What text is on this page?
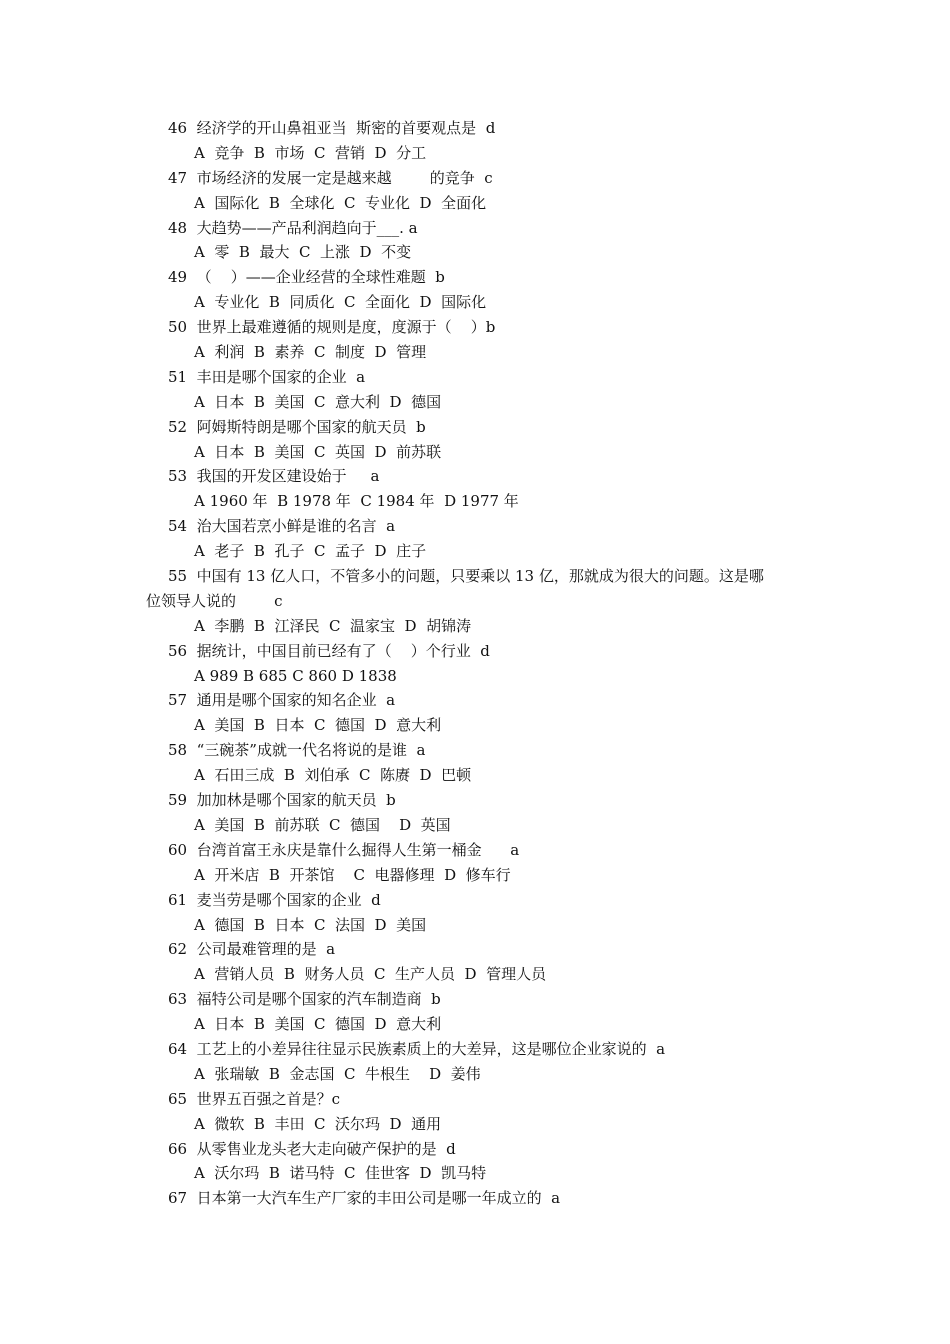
46  经济学的开山鼻祖亚当  斯密的首要观点是  d
A  竞争  B  市场  C  营销  D  分工
47  市场经济的发展一定是越来越        的竞争  c
A  国际化  B  全球化  C  专业化  D  全面化
48  大趋势——产品利润趋向于___. a
A  零  B  最大  C  上涨  D  不变
49  （    ）——企业经营的全球性难题  b
A  专业化  B  同质化  C  全面化  D  国际化
50  世界上最难遵循的规则是度，度源于（    ）b
A  利润  B  素养  C  制度  D  管理
51  丰田是哪个国家的企业  a
A  日本  B  美国  C  意大利  D  德国
52  阿姆斯特朗是哪个国家的航天员  b
A  日本  B  美国  C  英国  D  前苏联
53  我国的开发区建设始于     a
A 1960 年  B 1978 年  C 1984 年  D 1977 年
54  治大国若烹小鲜是谁的名言  a
A  老子  B  孔子  C  孟子  D  庄子
55  中国有 13 亿人口，不管多小的问题，只要乘以 13 亿，那就成为很大的问题。这是哪
位领导人说的        c
A  李鹏  B  江泽民  C  温家宝  D  胡锦涛
56  据统计，中国目前已经有了（    ）个行业  d
A 989 B 685 C 860 D 1838
57  通用是哪个国家的知名企业  a
A  美国  B  日本  C  德国  D  意大利
58  “三碗茶”成就一代名将说的是谁  a
A  石田三成  B  刘伯承  C  陈赓  D  巴顿
59  加加林是哪个国家的航天员  b
A  美国  B  前苏联  C  德国    D  英国
60  台湾首富王永庆是靠什么掘得人生第一桶金      a
A  开米店  B  开茶馆    C  电器修理  D  修车行
61  麦当劳是哪个国家的企业  d
A  德国  B  日本  C  法国  D  美国
62  公司最难管理的是  a
A  营销人员  B  财务人员  C  生产人员  D  管理人员
63  福特公司是哪个国家的汽车制造商  b
A  日本  B  美国  C  德国  D  意大利
64  工艺上的小差异往往显示民族素质上的大差异，这是哪位企业家说的  a
A  张瑞敏  B  金志国  C  牛根生    D  姜伟
65  世界五百强之首是？c
A  微软  B  丰田  C  沃尔玛  D  通用
66  从零售业龙头老大走向破产保护的是  d
A  沃尔玛  B  诺马特  C  佳世客  D  凯马特
67  日本第一大汽车生产厂家的丰田公司是哪一年成立的  a
